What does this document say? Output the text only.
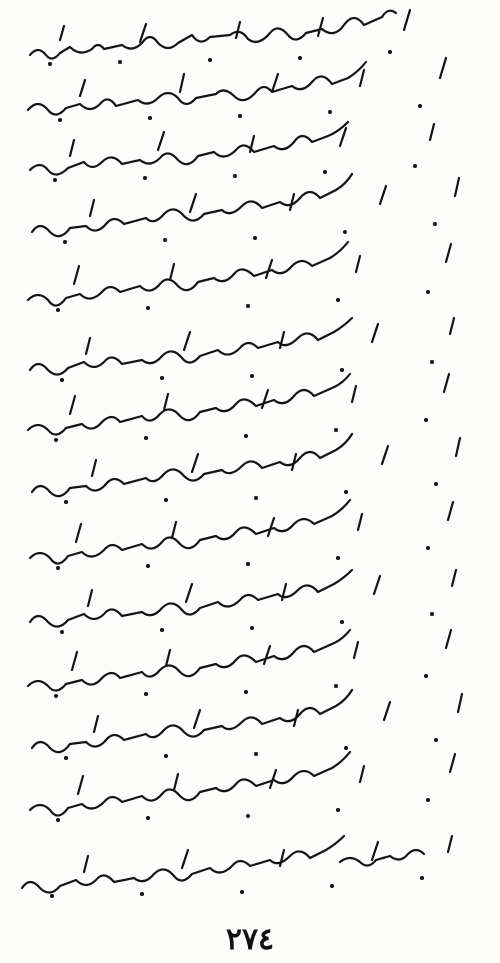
٢٧٤
